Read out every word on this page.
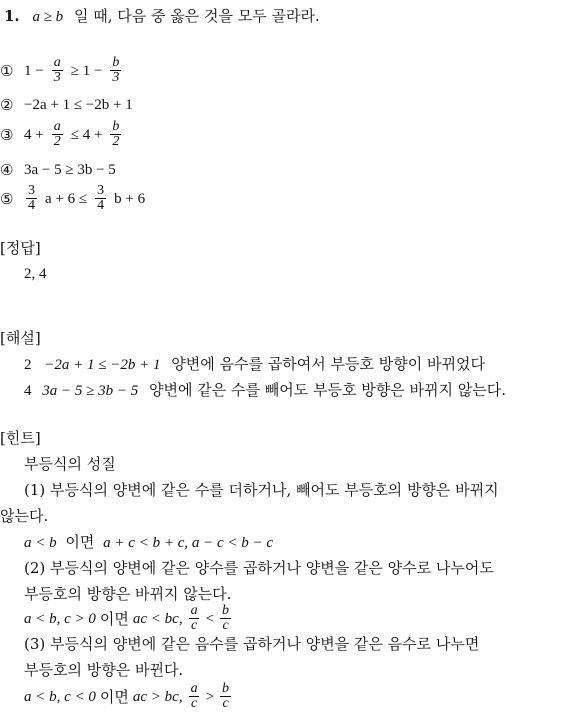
1. a ≥ b 일 때, 다음 중 옳은 것을 모두 골라라.
① $1 - \frac{a}{3} \ge 1 - \frac{b}{3}$
② −2a + 1 ≤ −2b + 1
③ $4 + \frac{a}{2} \le 4 + \frac{b}{2}$
④ 3a − 5 ≥ 3b − 5
⑤ $\frac{3}{4}$ $a + 6 \le \frac{3}{4}$ b + 6
[정답]
2, 4
[해설]
2 −2a + 1 ≤ −2b + 1 양변에 음수를 곱하여서 부등호 방향이 바뀌었다
4 3a − 5 ≥ 3b − 5 양변에 같은 수를 빼어도 부등호 방향은 바뀌지 않는다.
[힌트]
부등식의 성질
(1) 부등식의 양변에 같은 수를 더하거나, 빼어도 부등호의 방향은 바뀌지
않는다.
a < b 이면 a + c < b + c, a − c < b − c
(2) 부등식의 양변에 같은 양수를 곱하거나 양변을 같은 양수로 나누어도
부등호의 방향은 바뀌지 않는다.
a < b, c > 0 이면 ac < bc, $\frac{a}{c} < \frac{b}{c}$
(3) 부등식의 양변에 같은 음수를 곱하거나 양변을 같은 음수로 나누면
부등호의 방향은 바뀐다.
a < b, c < 0 이면 ac > bc, $\frac{a}{c} > \frac{b}{c}$
